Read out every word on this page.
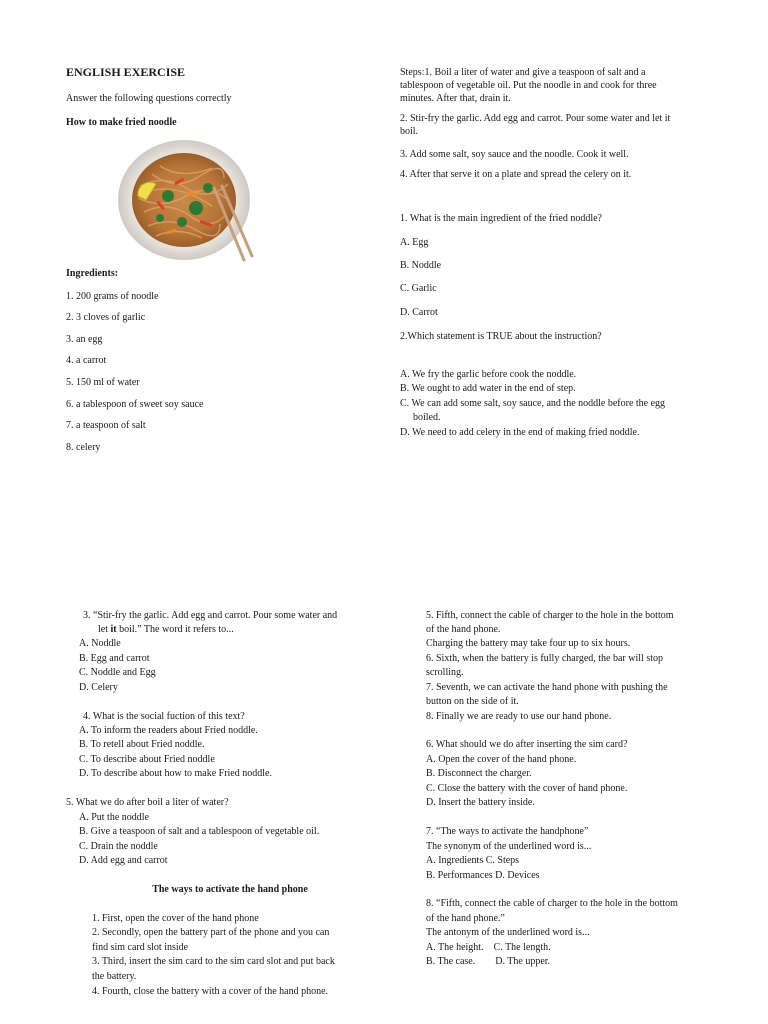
ENGLISH EXERCISE
Answer the following questions correctly
How to make fried noodle
Ingredients:
1. 200 grams of noodle
2. 3 cloves of garlic
3. an egg
4. a carrot
5. 150 ml of water
6. a tablespoon of sweet soy sauce
7. a teaspoon of salt
8. celery
Steps:1. Boil a liter of water and give a teaspoon of salt and a
tablespoon of vegetable oil. Put the noodle in and cook for three
minutes. After that, drain it.
2. Stir-fry the garlic. Add egg and carrot. Pour some water and let it
boil.
3. Add some salt, soy sauce and the noodle. Cook it well.
4. After that serve it on a plate and spread the celery on it.
1. What is the main ingredient of the fried noddle?
A. Egg
B. Noddle
C. Garlic
D. Carrot
2.Which statement is TRUE about the instruction?
A. We fry the garlic before cook the noddle.
B. We ought to add water in the end of step.
C. We can add some salt, soy sauce, and the noddle before the egg
boiled.
D. We need to add celery in the end of making fried noddle.
3. “Stir-fry the garlic. Add egg and carrot. Pour some water and
let it boil.” The word it refers to...
A. Noddle
B. Egg and carrot
C. Noddle and Egg
D. Celery
4. What is the social fuction of this text?
A. To inform the readers about Fried noddle.
B. To retell about Fried noddle.
C. To describe about Fried noddle
D. To describe about how to make Fried noddle.
5. What we do after boil a liter of water?
A. Put the noddle
B. Give a teaspoon of salt and a tablespoon of vegetable oil.
C. Drain the noddle
D. Add egg and carrot
The ways to activate the hand phone
1. First, open the cover of the hand phone
2. Secondly, open the battery part of the phone and you can
find sim card slot inside
3. Third, insert the sim card to the sim card slot and put back
the battery.
4. Fourth, close the battery with a cover of the hand phone.
5. Fifth, connect the cable of charger to the hole in the bottom
of the hand phone.
Charging the battery may take four up to six hours.
6. Sixth, when the battery is fully charged, the bar will stop
scrolling.
7. Seventh, we can activate the hand phone with pushing the
button on the side of it.
8. Finally we are ready to use our hand phone.
6. What should we do after inserting the sim card?
A. Open the cover of the hand phone.
B. Disconnect the charger.
C. Close the battery with the cover of hand phone.
D. Insert the battery inside.
7. “The ways to activate the handphone”
The synonym of the underlined word is...
A. Ingredients C. Steps
B. Performances D. Devices
8. “Fifth, connect the cable of charger to the hole in the bottom
of the hand phone.”
The antonym of the underlined word is...
A. The height.    C. The length.
B. The case.        D. The upper.
